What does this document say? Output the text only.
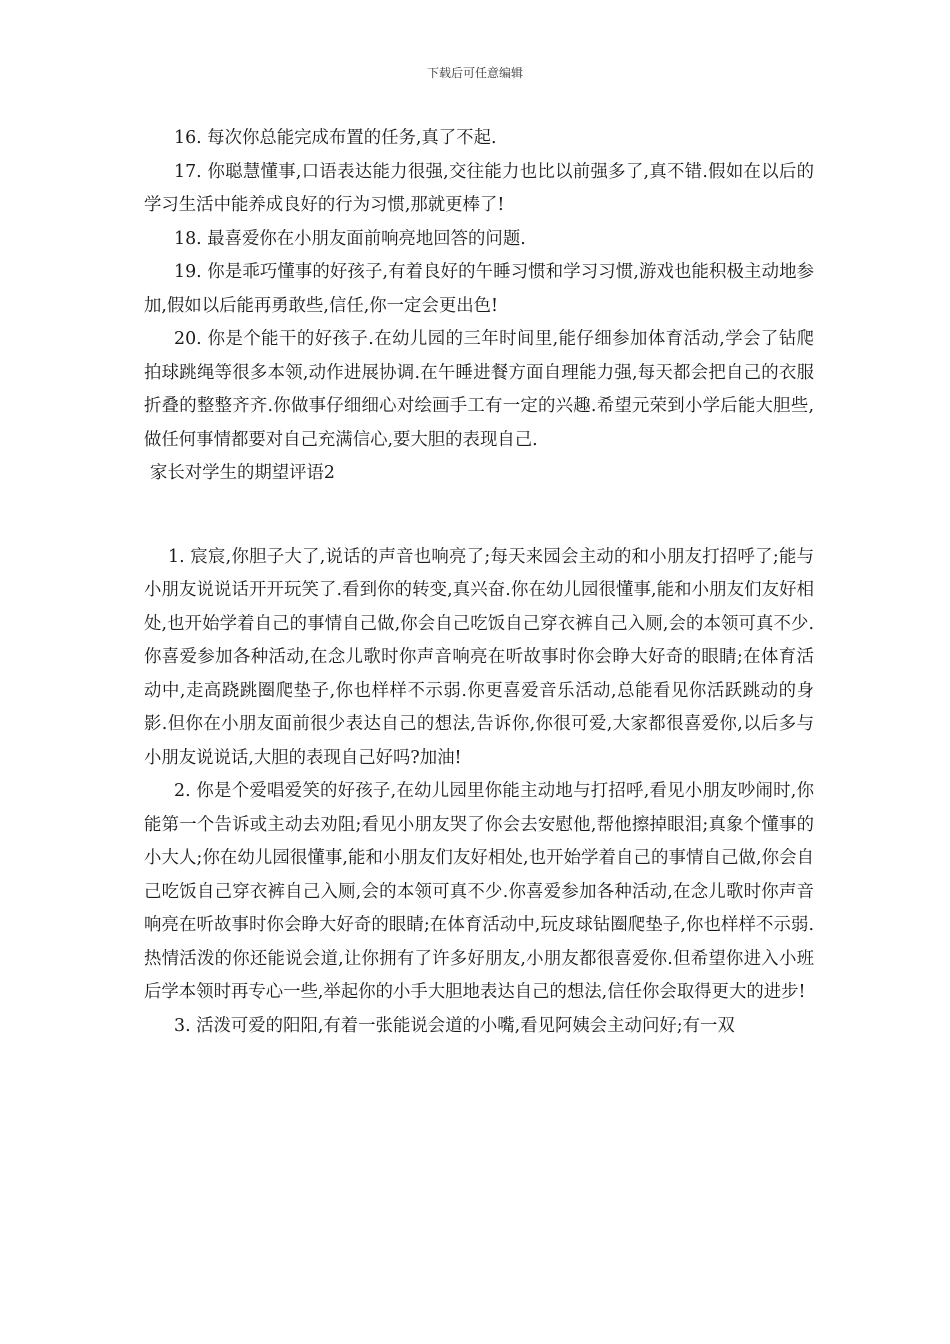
下载后可任意编辑

16. 每次你总能完成布置的任务,真了不起.

17. 你聪慧懂事,口语表达能力很强,交往能力也比以前强多了,真不错.假如在以后的学习生活中能养成良好的行为习惯,那就更棒了!

18. 最喜爱你在小朋友面前响亮地回答的问题.

19. 你是乖巧懂事的好孩子,有着良好的午睡习惯和学习习惯,游戏也能积极主动地参加,假如以后能再勇敢些,信任,你一定会更出色!

20. 你是个能干的好孩子.在幼儿园的三年时间里,能仔细参加体育活动,学会了钻爬拍球跳绳等很多本领,动作进展协调.在午睡进餐方面自理能力强,每天都会把自己的衣服折叠的整整齐齐.你做事仔细细心对绘画手工有一定的兴趣.希望元荣到小学后能大胆些,做任何事情都要对自己充满信心,要大胆的表现自己.

家长对学生的期望评语2

1. 宸宸,你胆子大了,说话的声音也响亮了;每天来园会主动的和小朋友打招呼了;能与小朋友说说话开开玩笑了.看到你的转变,真兴奋.你在幼儿园很懂事,能和小朋友们友好相处,也开始学着自己的事情自己做,你会自己吃饭自己穿衣裤自己入厕,会的本领可真不少.你喜爱参加各种活动,在念儿歌时你声音响亮在听故事时你会睁大好奇的眼睛;在体育活动中,走高跷跳圈爬垫子,你也样样不示弱.你更喜爱音乐活动,总能看见你活跃跳动的身影.但你在小朋友面前很少表达自己的想法,告诉你,你很可爱,大家都很喜爱你,以后多与小朋友说说话,大胆的表现自己好吗?加油!

2. 你是个爱唱爱笑的好孩子,在幼儿园里你能主动地与打招呼,看见小朋友吵闹时,你能第一个告诉或主动去劝阻;看见小朋友哭了你会去安慰他,帮他擦掉眼泪;真象个懂事的小大人;你在幼儿园很懂事,能和小朋友们友好相处,也开始学着自己的事情自己做,你会自己吃饭自己穿衣裤自己入厕,会的本领可真不少.你喜爱参加各种活动,在念儿歌时你声音响亮在听故事时你会睁大好奇的眼睛;在体育活动中,玩皮球钻圈爬垫子,你也样样不示弱.热情活泼的你还能说会道,让你拥有了许多好朋友,小朋友都很喜爱你.但希望你进入小班后学本领时再专心一些,举起你的小手大胆地表达自己的想法,信任你会取得更大的进步!

3. 活泼可爱的阳阳,有着一张能说会道的小嘴,看见阿姨会主动问好;有一双
